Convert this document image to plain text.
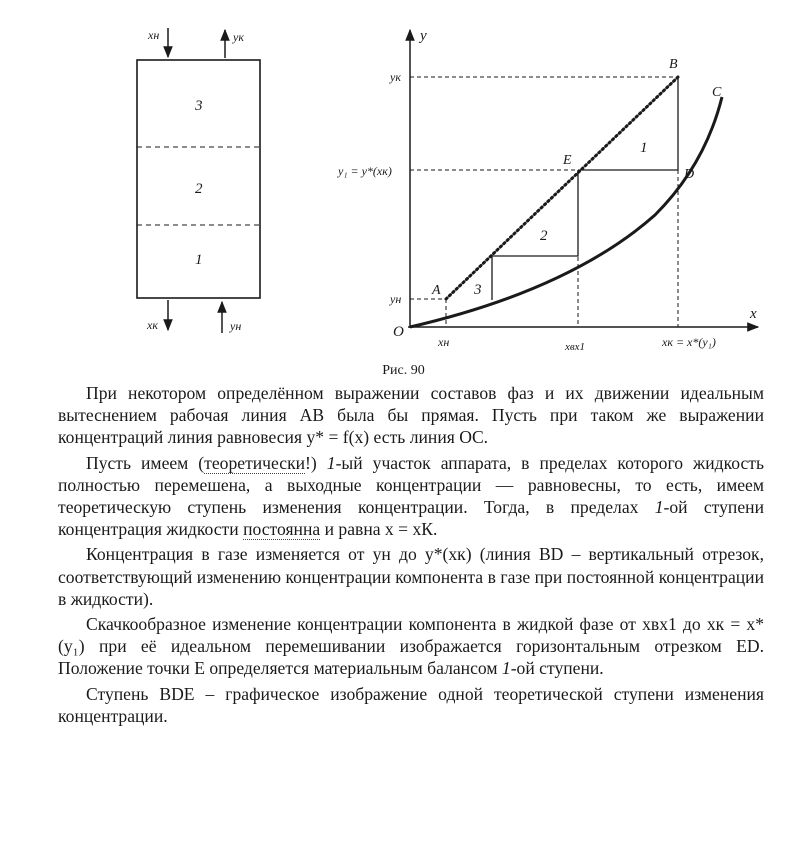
xн	yк
xк	yн
3
2
1
y
x
O
1
2
3
A
B
C
D
E
yк
y₁ = y*(xк)
yн
xн	xвх1	xк = x*(y₁)
Рис. 90

При некотором определённом выражении составов фаз и их движении идеальным вытеснением рабочая линия AB была бы прямая. Пусть при таком же выражении концентраций линия равновесия y* = f(x) есть линия OC.

Пусть имеем (теоретически!) 1-ый участок аппарата, в пределах которого жидкость полностью перемешена, а выходные концентрации — равновесны, то есть, имеем теоретическую ступень изменения концентрации. Тогда, в пределах 1-ой ступени концентрация жидкости постоянна и равна x = xК.

Концентрация в газе изменяется от yн до y*(xк) (линия BD – вертикальный отрезок, соответствующий изменению концентрации компонента в газе при постоянной концентрации в жидкости).

Скачкообразное изменение концентрации компонента в жидкой фазе от xвх1 до xк = x*(y₁) при её идеальном перемешивании изображается горизонтальным отрезком ED. Положение точки E определяется материальным балансом 1-ой ступени.

Ступень BDE – графическое изображение одной теоретической ступени изменения концентрации.
